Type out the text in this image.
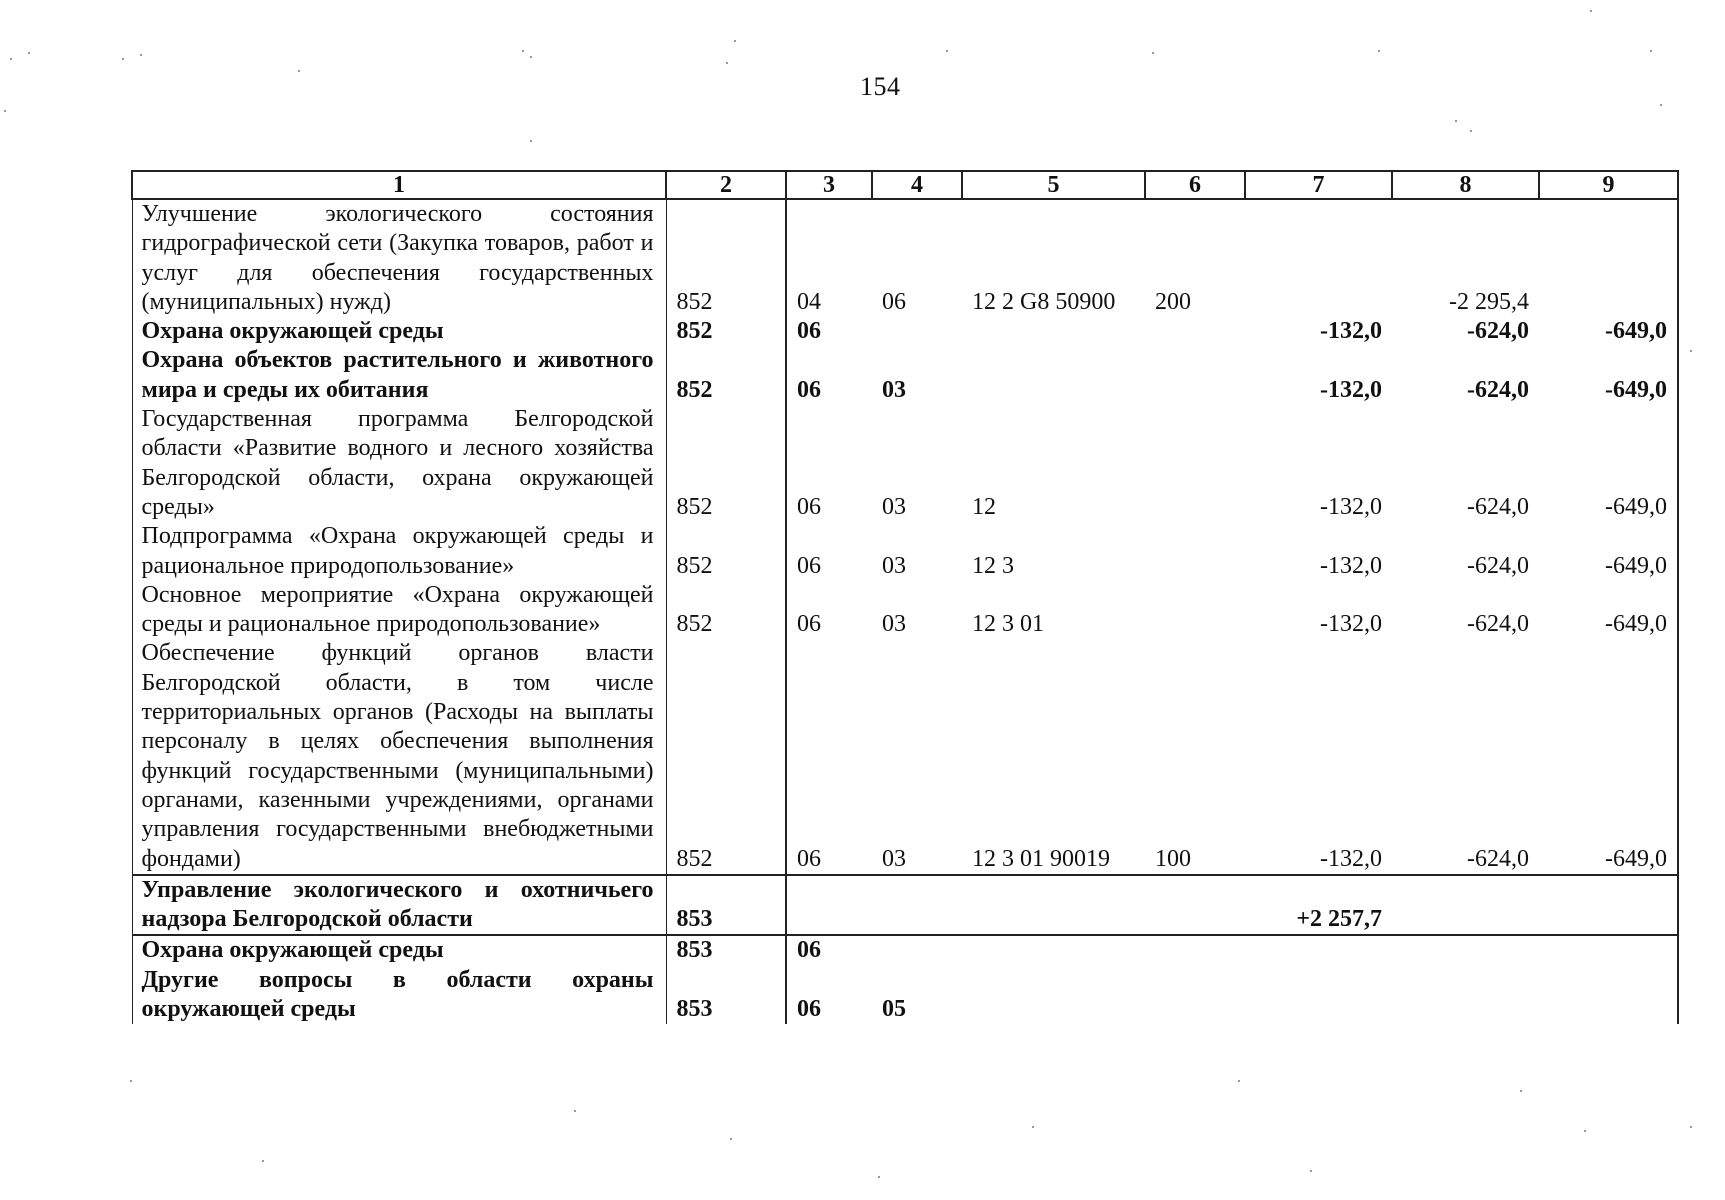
154
1	2	3	4	5	6	7	8	9
Улучшение экологического состояния гидрографической сети (Закупка товаров, работ и услуг для обеспечения государственных (муниципальных) нужд)	852	04	06	12 2 G8 50900	200		-2 295,4	
Охрана окружающей среды	852	06				-132,0	-624,0	-649,0
Охрана объектов растительного и животного мира и среды их обитания	852	06	03			-132,0	-624,0	-649,0
Государственная программа Белгородской области «Развитие водного и лесного хозяйства Белгородской области, охрана окружающей среды»	852	06	03	12		-132,0	-624,0	-649,0
Подпрограмма «Охрана окружающей среды и рациональное природопользование»	852	06	03	12 3		-132,0	-624,0	-649,0
Основное мероприятие «Охрана окружающей среды и рациональное природопользование»	852	06	03	12 3 01		-132,0	-624,0	-649,0
Обеспечение функций органов власти Белгородской области, в том числе территориальных органов (Расходы на выплаты персоналу в целях обеспечения выполнения функций государственными (муниципальными) органами, казенными учреждениями, органами управления государственными внебюджетными фондами)	852	06	03	12 3 01 90019	100	-132,0	-624,0	-649,0
Управление экологического и охотничьего надзора Белгородской области	853					+2 257,7		
Охрана окружающей среды	853	06						
Другие вопросы в области охраны окружающей среды	853	06	05					
